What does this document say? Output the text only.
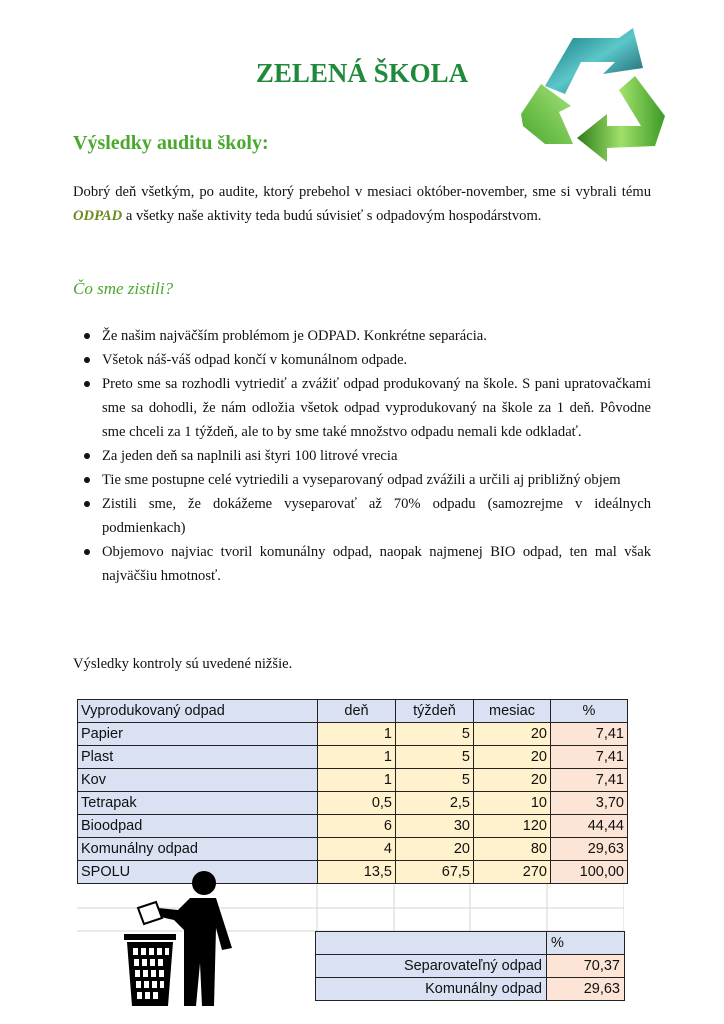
ZELENÁ ŠKOLA
Výsledky auditu školy:
Dobrý deň všetkým, po audite, ktorý prebehol v mesiaci október-november, sme si vybrali tému ODPAD a všetky naše aktivity teda budú súvisieť s odpadovým hospodárstvom.
Čo sme zistili?
Že našim najväčším problémom je ODPAD. Konkrétne separácia.
Všetok náš-váš odpad končí v komunálnom odpade.
Preto sme sa rozhodli vytriediť a zvážiť odpad produkovaný na škole. S pani upratovačkami sme sa dohodli, že nám odložia všetok odpad vyprodukovaný na škole za 1 deň. Pôvodne sme chceli za 1 týždeň, ale to by sme také množstvo odpadu nemali kde odkladať.
Za jeden deň sa naplnili asi štyri 100 litrové vrecia
Tie sme postupne celé vytriedili a vyseparovaný odpad zvážili a určili aj približný objem
Zistili sme, že dokážeme vyseparovať až 70% odpadu (samozrejme v ideálnych podmienkach)
Objemovo najviac tvoril komunálny odpad, naopak najmenej BIO odpad, ten mal však najväčšiu hmotnosť.
Výsledky kontroly sú uvedené nižšie.
Vyprodukovaný odpad	deň	týždeň	mesiac	%
Papier	1	5	20	7,41
Plast	1	5	20	7,41
Kov	1	5	20	7,41
Tetrapak	0,5	2,5	10	3,70
Bioodpad	6	30	120	44,44
Komunálny odpad	4	20	80	29,63
SPOLU	13,5	67,5	270	100,00
	%
Separovateľný odpad	70,37
Komunálny odpad	29,63
